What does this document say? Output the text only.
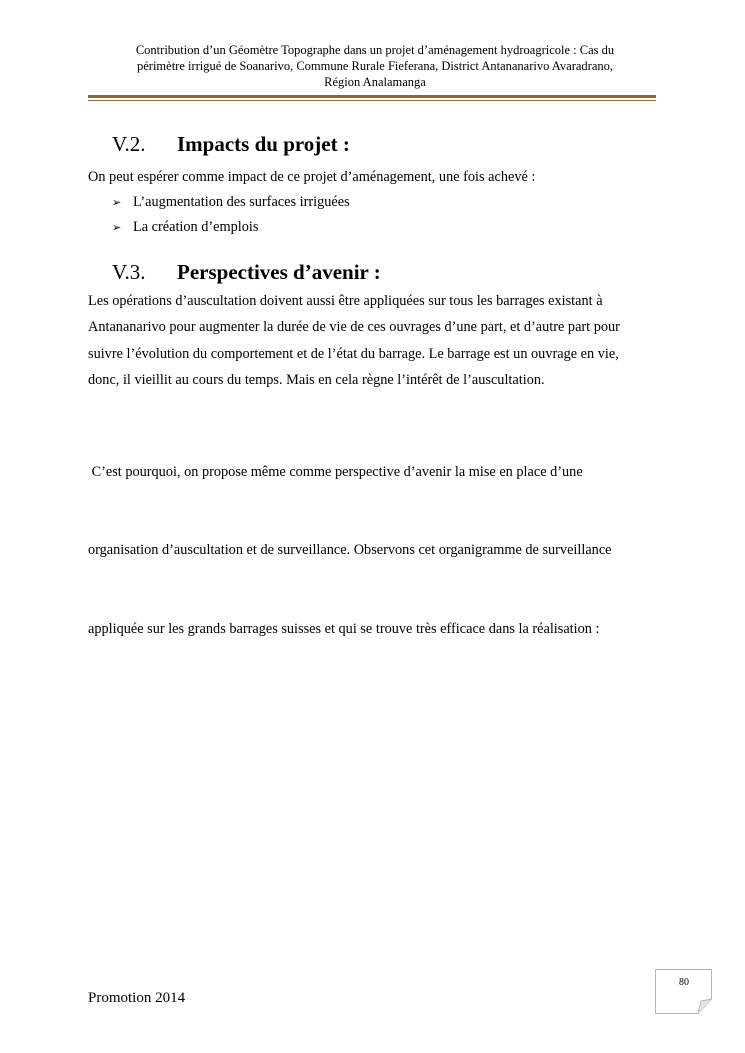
Contribution d’un Géomètre Topographe dans un projet d’aménagement hydroagricole : Cas du
périmètre irrigué de Soanarivo, Commune Rurale Fieferana, District Antananarivo Avaradrano,
Région Analamanga
V.2. Impacts du projet :
On peut espérer comme impact de ce projet d’aménagement, une fois achevé :
➢ L’augmentation des surfaces irriguées
➢ La création d’emplois
V.3. Perspectives d’avenir :
Les opérations d’auscultation doivent aussi être appliquées sur tous les barrages existant à
Antananarivo pour augmenter la durée de vie de ces ouvrages d’une part, et d’autre part pour
suivre l’évolution du comportement et de l’état du barrage. Le barrage est un ouvrage en vie,
donc, il vieillit au cours du temps. Mais en cela règne l’intérêt de l’auscultation.

C’est pourquoi, on propose même comme perspective d’avenir la mise en place d’une

organisation d’auscultation et de surveillance. Observons cet organigramme de surveillance

appliquée sur les grands barrages suisses et qui se trouve très efficace dans la réalisation :

80
Promotion 2014
